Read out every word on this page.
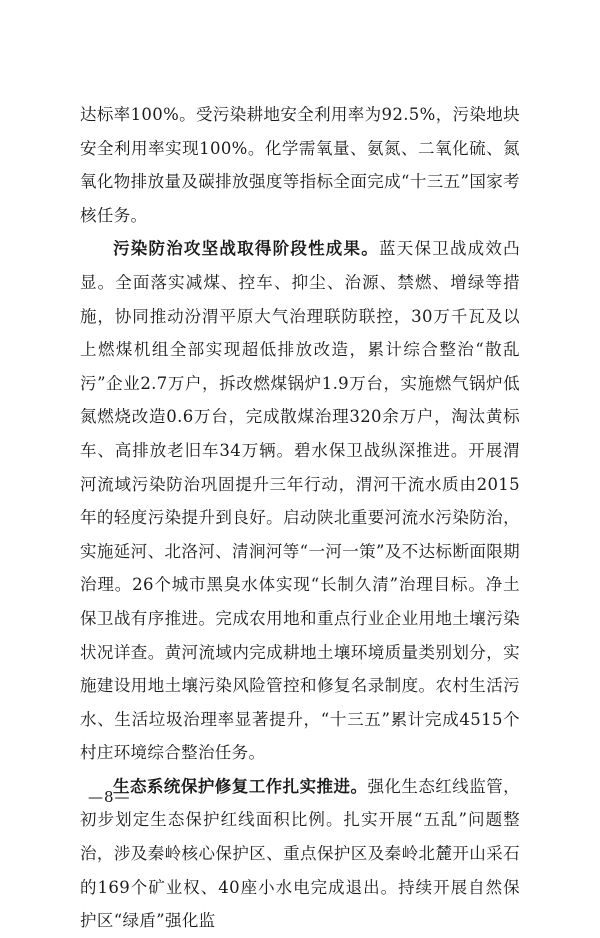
达标率100%。受污染耕地安全利用率为92.5%，污染地块安全利用率实现100%。化学需氧量、氨氮、二氧化硫、氮氧化物排放量及碳排放强度等指标全面完成“十三五”国家考核任务。

污染防治攻坚战取得阶段性成果。蓝天保卫战成效凸显。全面落实减煤、控车、抑尘、治源、禁燃、增绿等措施，协同推动汾渭平原大气治理联防联控，30万千瓦及以上燃煤机组全部实现超低排放改造，累计综合整治“散乱污”企业2.7万户，拆改燃煤锅炉1.9万台，实施燃气锅炉低氮燃烧改造0.6万台，完成散煤治理320余万户，淘汰黄标车、高排放老旧车34万辆。碧水保卫战纵深推进。开展渭河流域污染防治巩固提升三年行动，渭河干流水质由2015年的轻度污染提升到良好。启动陕北重要河流水污染防治，实施延河、北洛河、清涧河等“一河一策”及不达标断面限期治理。26个城市黑臭水体实现“长制久清”治理目标。净土保卫战有序推进。完成农用地和重点行业企业用地土壤污染状况详查。黄河流域内完成耕地土壤环境质量类别划分，实施建设用地土壤污染风险管控和修复名录制度。农村生活污水、生活垃圾治理率显著提升，“十三五”累计完成4515个村庄环境综合整治任务。

生态系统保护修复工作扎实推进。强化生态红线监管，初步划定生态保护红线面积比例。扎实开展“五乱”问题整治，涉及秦岭核心保护区、重点保护区及秦岭北麓开山采石的169个矿业权、40座小水电完成退出。持续开展自然保护区“绿盾”强化监

—8—
